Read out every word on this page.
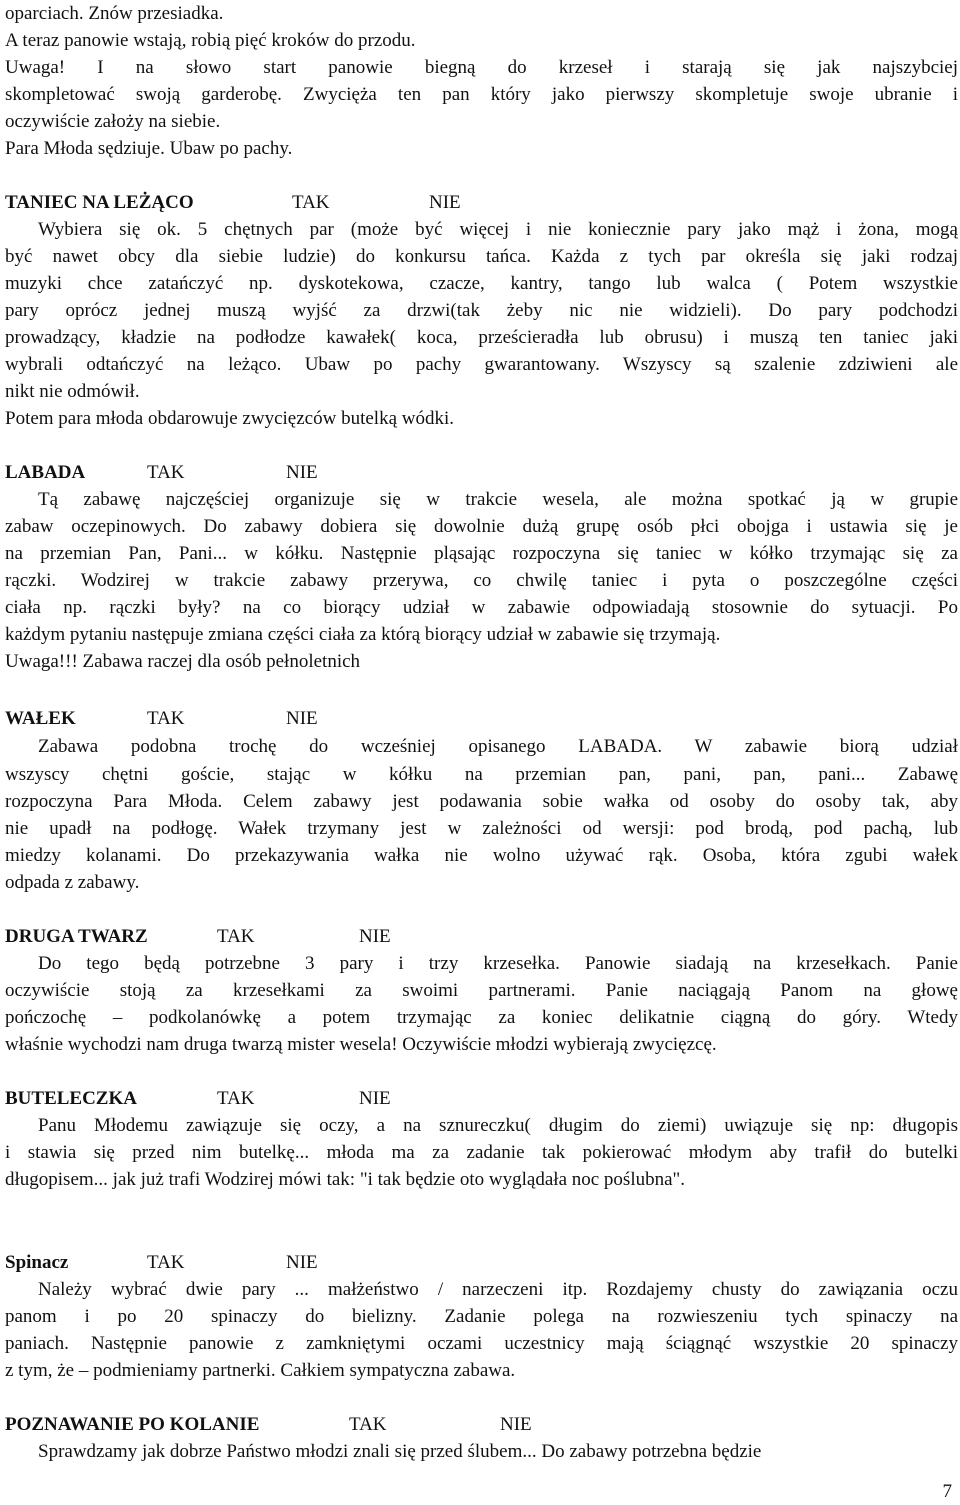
oparciach. Znów przesiadka.
A teraz panowie wstają, robią pięć kroków do przodu.
Uwaga! I na słowo start panowie biegną do krzeseł i starają się jak najszybciej
skompletować swoją garderobę. Zwycięża ten pan który jako pierwszy skompletuje swoje ubranie i
oczywiście założy na siebie.
Para Młoda sędziuje. Ubaw po pachy.
TANIEC NA LEŻĄCO	TAK	NIE
Wybiera się ok. 5 chętnych par (może być więcej i nie koniecznie pary jako mąż i żona, mogą
być nawet obcy dla siebie ludzie) do konkursu tańca. Każda z tych par określa się jaki rodzaj
muzyki chce zatańczyć np. dyskotekowa, czacze, kantry, tango lub walca ( Potem wszystkie
pary oprócz jednej muszą wyjść za drzwi(tak żeby nic nie widzieli). Do pary podchodzi
prowadzący, kładzie na podłodze kawałek( koca, prześcieradła lub obrusu) i muszą ten taniec jaki
wybrali odtańczyć na leżąco. Ubaw po pachy gwarantowany. Wszyscy są szalenie zdziwieni ale
nikt nie odmówił.
Potem para młoda obdarowuje zwycięzców butelką wódki.
LABADA	TAK	NIE
Tą zabawę najczęściej organizuje się w trakcie wesela, ale można spotkać ją w grupie
zabaw oczepinowych. Do zabawy dobiera się dowolnie dużą grupę osób płci obojga i ustawia się je
na przemian Pan, Pani... w kółku. Następnie pląsając rozpoczyna się taniec w kółko trzymając się za
rączki. Wodzirej w trakcie zabawy przerywa, co chwilę taniec i pyta o poszczególne części
ciała np. rączki były? na co biorący udział w zabawie odpowiadają stosownie do sytuacji. Po
każdym pytaniu następuje zmiana części ciała za którą biorący udział w zabawie się trzymają.
Uwaga!!! Zabawa raczej dla osób pełnoletnich
WAŁEK	TAK	NIE
Zabawa podobna trochę do wcześniej opisanego LABADA. W zabawie biorą udział
wszyscy chętni goście, stając w kółku na przemian pan, pani, pan, pani... Zabawę
rozpoczyna Para Młoda. Celem zabawy jest podawania sobie wałka od osoby do osoby tak, aby
nie upadł na podłogę. Wałek trzymany jest w zależności od wersji: pod brodą, pod pachą, lub
miedzy kolanami. Do przekazywania wałka nie wolno używać rąk. Osoba, która zgubi wałek
odpada z zabawy.
DRUGA TWARZ	TAK	NIE
Do tego będą potrzebne 3 pary i trzy krzesełka. Panowie siadają na krzesełkach. Panie
oczywiście stoją za krzesełkami za swoimi partnerami. Panie naciągają Panom na głowę
pończochę – podkolanówkę a potem trzymając za koniec delikatnie ciągną do góry. Wtedy
właśnie wychodzi nam druga twarzą mister wesela! Oczywiście młodzi wybierają zwycięzcę.
BUTELECZKA	TAK	NIE
Panu Młodemu zawiązuje się oczy, a na sznureczku( długim do ziemi) uwiązuje się np: długopis
i stawia się przed nim butelkę... młoda ma za zadanie tak pokierować młodym aby trafił do butelki
długopisem... jak już trafi Wodzirej mówi tak: "i tak będzie oto wyglądała noc poślubna".
Spinacz	TAK	NIE
Należy wybrać dwie pary ... małżeństwo / narzeczeni itp. Rozdajemy chusty do zawiązania oczu
panom i po 20 spinaczy do bielizny. Zadanie polega na rozwieszeniu tych spinaczy na
paniach. Następnie panowie z zamkniętymi oczami uczestnicy mają ściągnąć wszystkie 20 spinaczy
z tym, że – podmieniamy partnerki. Całkiem sympatyczna zabawa.
POZNAWANIE PO KOLANIE	TAK	NIE
Sprawdzamy jak dobrze Państwo młodzi znali się przed ślubem... Do zabawy potrzebna będzie
7
